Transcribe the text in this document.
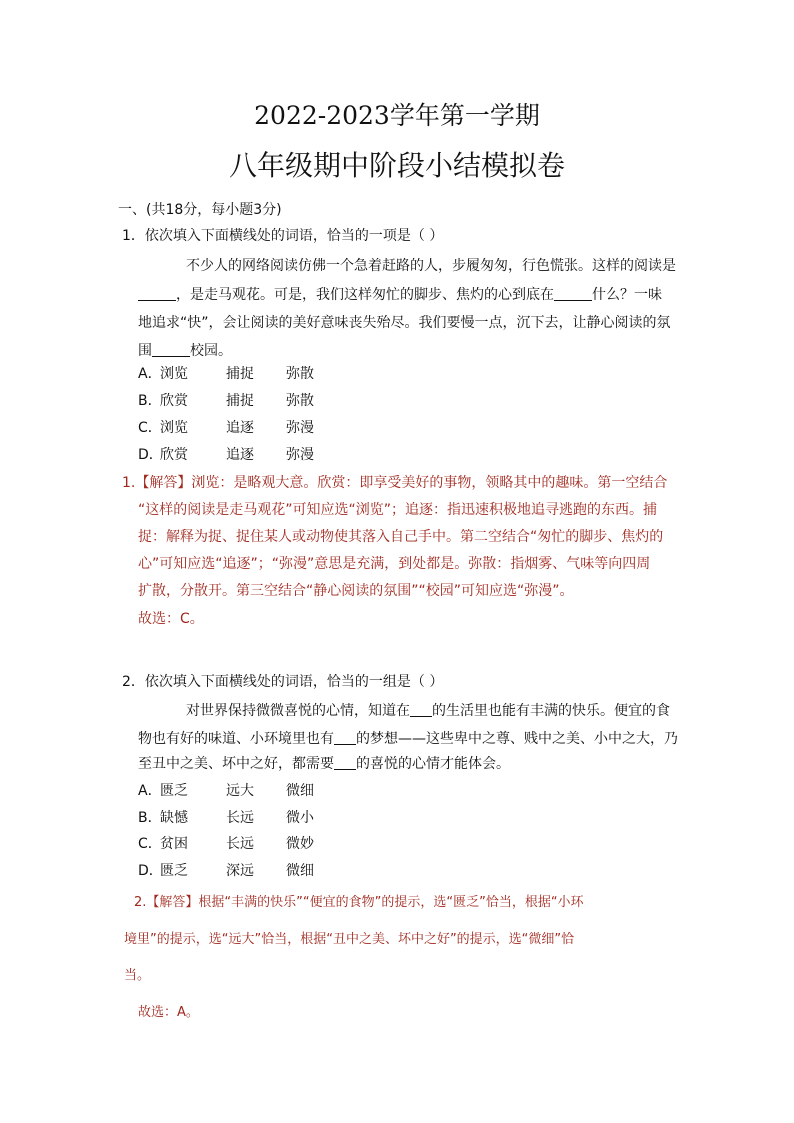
2022-2023学年第一学期
八年级期中阶段小结模拟卷
一、(共18分，每小题3分)
1．依次填入下面横线处的词语，恰当的一项是（ ）
不少人的网络阅读仿佛一个急着赶路的人，步履匆匆，行色慌张。这样的阅读是
，是走马观花。可是，我们这样匆忙的脚步、焦灼的心到底在	什么？一味
地追求“快”，会让阅读的美好意味丧失殆尽。我们要慢一点，沉下去，让静心阅读的氛
围	校园。
A．浏览	捕捉 弥散
B．欣赏	捕捉 弥散
C．浏览	追逐 弥漫
D．欣赏	追逐 弥漫
1.【解答】浏览：是略观大意。欣赏：即享受美好的事物，领略其中的趣味。第一空结合
“这样的阅读是走马观花”可知应选“浏览”；追逐：指迅速积极地追寻逃跑的东西。捕
捉：解释为捉、捉住某人或动物使其落入自己手中。第二空结合“匆忙的脚步、焦灼的
心”可知应选“追逐”；“弥漫”意思是充满，到处都是。弥散：指烟雾、气味等向四周
扩散，分散开。第三空结合“静心阅读的氛围”“校园”可知应选“弥漫”。
故选：C。
2．依次填入下面横线处的词语，恰当的一组是（ ）
对世界保持微微喜悦的心情，知道在 的生活里也能有丰满的快乐。便宜的食
物也有好的味道、小环境里也有 的梦想——这些卑中之尊、贱中之美、小中之大，乃
至丑中之美、坏中之好，都需要 的喜悦的心情才能体会。
A．匮乏	远大 微细
B．缺憾	长远 微小
C．贫困	长远 微妙
D．匮乏	深远 微细
2.【解答】根据“丰满的快乐”“便宜的食物”的提示，选“匮乏”恰当，根据“小环
境里”的提示，选“远大”恰当，根据“丑中之美、坏中之好”的提示，选“微细”恰
当。
故选：A。
